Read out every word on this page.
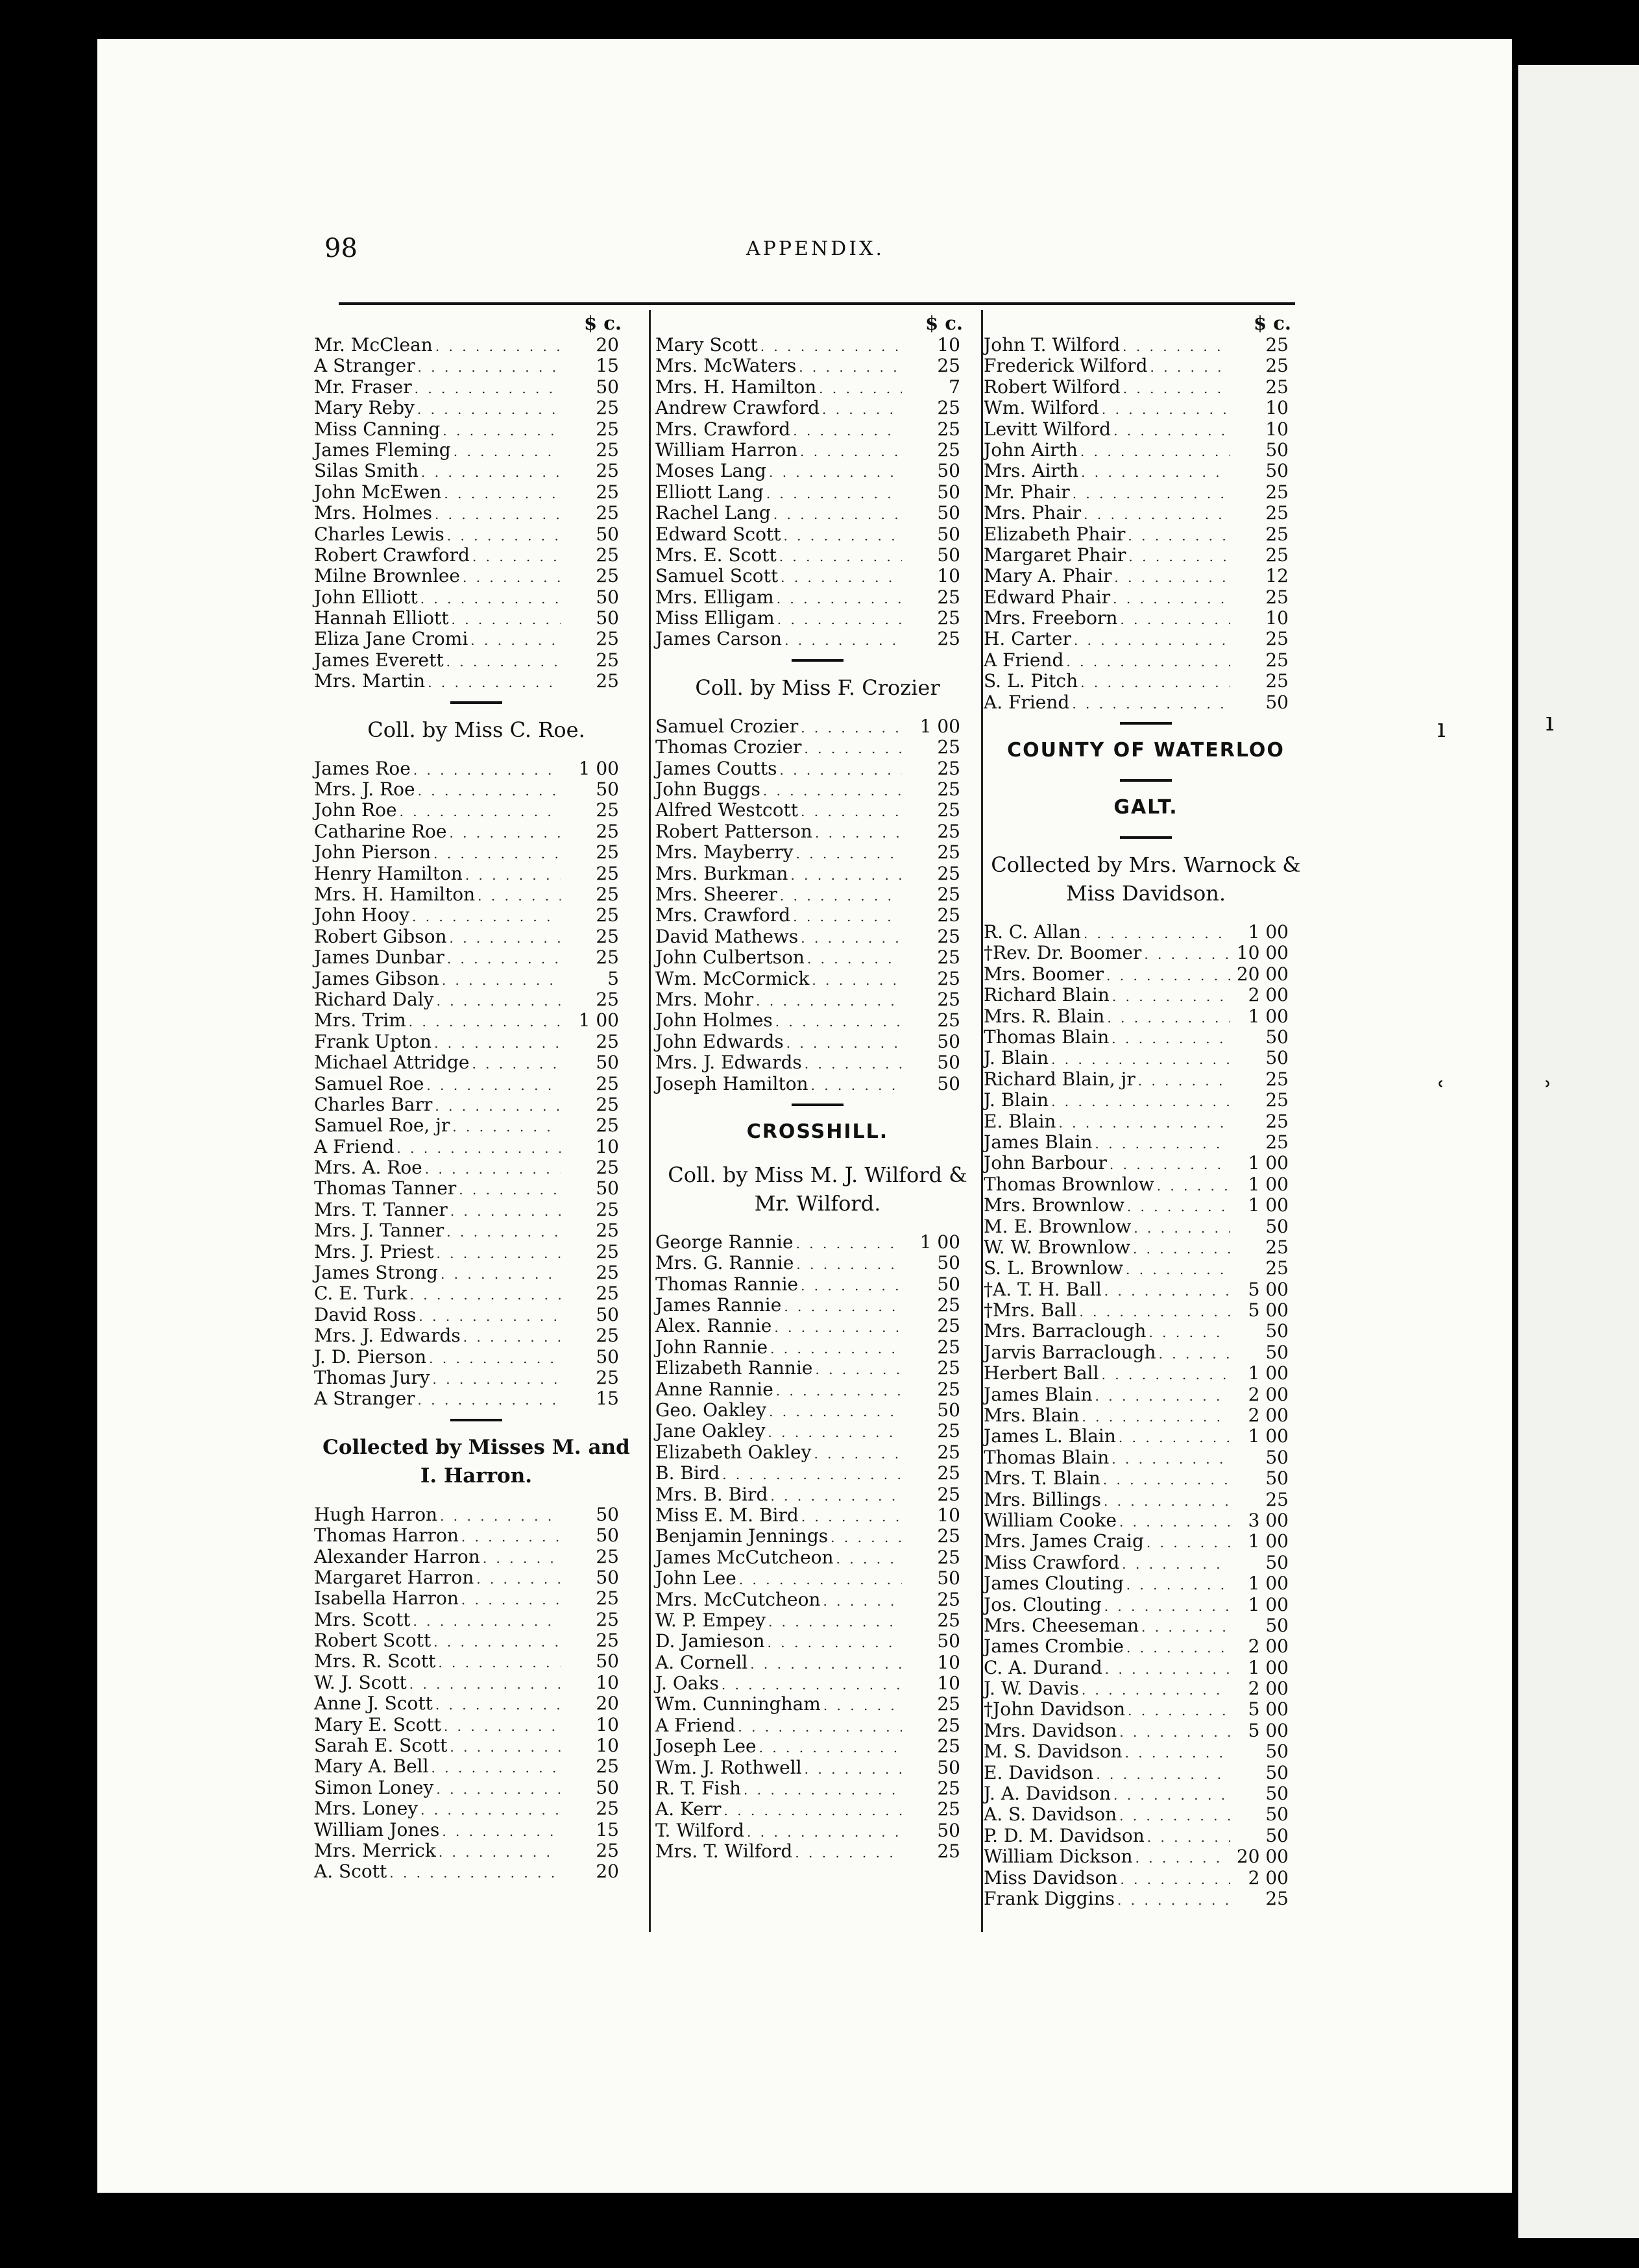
98	APPENDIX.
$ c.
Mr. McClean . . .	20
A Stranger . . .	15
Mr. Fraser . . .	50
Mary Reby . . .	25
Miss Canning . . .	25
James Fleming . . .	25
Silas Smith . . .	25
John McEwen . . .	25
Mrs. Holmes . . .	25
Charles Lewis . . .	50
Robert Crawford . . .	25
Milne Brownlee . . .	25
John Elliott . . .	50
Hannah Elliott . . .	50
Eliza Jane Cromi . . .	25
James Everett . . .	25
Mrs. Martin . . .	25
Coll. by Miss C. Roe.
James Roe . . .	1 00
Mrs. J. Roe . . .	50
John Roe . . .	25
Catharine Roe . . .	25
John Pierson . . .	25
Henry Hamilton . . .	25
Mrs. H. Hamilton . . .	25
John Hooy . . .	25
Robert Gibson . . .	25
James Dunbar . . .	25
James Gibson . . .	5
Richard Daly . . .	25
Mrs. Trim . . .	1 00
Frank Upton . . .	25
Michael Attridge . . .	50
Samuel Roe . . .	25
Charles Barr . . .	25
Samuel Roe, jr . . .	25
A Friend . . .	10
Mrs. A. Roe . . .	25
Thomas Tanner . . .	50
Mrs. T. Tanner . . .	25
Mrs. J. Tanner . . .	25
Mrs. J. Priest . . .	25
James Strong . . .	25
C. E. Turk . . .	25
David Ross . . .	50
Mrs. J. Edwards . . .	25
J. D. Pierson . . .	50
Thomas Jury . . .	25
A Stranger . . .	15
Collected by Misses M. and I. Harron.
Hugh Harron . . .	50
Thomas Harron . . .	50
Alexander Harron . . .	25
Margaret Harron . . .	50
Isabella Harron . . .	25
Mrs. Scott . . .	25
Robert Scott . . .	25
Mrs. R. Scott . . .	50
W. J. Scott . . .	10
Anne J. Scott . . .	20
Mary E. Scott . . .	10
Sarah E. Scott . . .	10
Mary A. Bell . . .	25
Simon Loney . . .	50
Mrs. Loney . . .	25
William Jones . . .	15
Mrs. Merrick . . .	25
A. Scott . . .	20
$ c.
Mary Scott . . .	10
Mrs. McWaters . . .	25
Mrs. H. Hamilton . . .	7
Andrew Crawford . . .	25
Mrs. Crawford . . .	25
William Harron . . .	25
Moses Lang . . .	50
Elliott Lang . . .	50
Rachel Lang . . .	50
Edward Scott . . .	50
Mrs. E. Scott . . .	50
Samuel Scott . . .	10
Mrs. Elligam . . .	25
Miss Elligam . . .	25
James Carson . . .	25
Coll. by Miss F. Crozier
Samuel Crozier . . .	1 00
Thomas Crozier . . .	25
James Coutts . . .	25
John Buggs . . .	25
Alfred Westcott . . .	25
Robert Patterson . . .	25
Mrs. Mayberry . . .	25
Mrs. Burkman . . .	25
Mrs. Sheerer . . .	25
Mrs. Crawford . . .	25
David Mathews . . .	25
John Culbertson . . .	25
Wm. McCormick . . .	25
Mrs. Mohr . . .	25
John Holmes . . .	25
John Edwards . . .	50
Mrs. J. Edwards . . .	50
Joseph Hamilton . . .	50
CROSSHILL.
Coll. by Miss M. J. Wilford & Mr. Wilford.
George Rannie . . .	1 00
Mrs. G. Rannie . . .	50
Thomas Rannie . . .	50
James Rannie . . .	25
Alex. Rannie . . .	25
John Rannie . . .	25
Elizabeth Rannie . . .	25
Anne Rannie . . .	25
Geo. Oakley . . .	50
Jane Oakley . . .	25
Elizabeth Oakley . . .	25
B. Bird . . .	25
Mrs. B. Bird . . .	25
Miss E. M. Bird . . .	10
Benjamin Jennings . . .	25
James McCutcheon . . .	25
John Lee . . .	50
Mrs. McCutcheon . . .	25
W. P. Empey . . .	25
D. Jamieson . . .	50
A. Cornell . . .	10
J. Oaks . . .	10
Wm. Cunningham . . .	25
A Friend . . .	25
Joseph Lee . . .	25
Wm. J. Rothwell . . .	50
R. T. Fish . . .	25
A. Kerr . . .	25
T. Wilford . . .	50
Mrs. T. Wilford . . .	25
$ c.
John T. Wilford . . .	25
Frederick Wilford . . .	25
Robert Wilford . . .	25
Wm. Wilford . . .	10
Levitt Wilford . . .	10
John Airth . . .	50
Mrs. Airth . . .	50
Mr. Phair . . .	25
Mrs. Phair . . .	25
Elizabeth Phair . . .	25
Margaret Phair . . .	25
Mary A. Phair . . .	12
Edward Phair . . .	25
Mrs. Freeborn . . .	10
H. Carter . . .	25
A Friend . . .	25
S. L. Pitch . . .	25
A. Friend . . .	50
COUNTY OF WATERLOO
GALT.
Collected by Mrs. Warnock & Miss Davidson.
R. C. Allan . . .	1 00
†Rev. Dr. Boomer . . .	10 00
Mrs. Boomer . . .	20 00
Richard Blain . . .	2 00
Mrs. R. Blain . . .	1 00
Thomas Blain . . .	50
J. Blain . . .	50
Richard Blain, jr . . .	25
J. Blain . . .	25
E. Blain . . .	25
James Blain . . .	25
John Barbour . . .	1 00
Thomas Brownlow . . .	1 00
Mrs. Brownlow . . .	1 00
M. E. Brownlow . . .	50
W. W. Brownlow . . .	25
S. L. Brownlow . . .	25
†A. T. H. Ball . . .	5 00
†Mrs. Ball . . .	5 00
Mrs. Barraclough . . .	50
Jarvis Barraclough . . .	50
Herbert Ball . . .	1 00
James Blain . . .	2 00
Mrs. Blain . . .	2 00
James L. Blain . . .	1 00
Thomas Blain . . .	50
Mrs. T. Blain . . .	50
Mrs. Billings . . .	25
William Cooke . . .	3 00
Mrs. James Craig . . .	1 00
Miss Crawford . . .	50
James Clouting . . .	1 00
Jos. Clouting . . .	1 00
Mrs. Cheeseman . . .	50
James Crombie . . .	2 00
C. A. Durand . . .	1 00
J. W. Davis . . .	2 00
†John Davidson . . .	5 00
Mrs. Davidson . . .	5 00
M. S. Davidson . . .	50
E. Davidson . . .	50
J. A. Davidson . . .	50
A. S. Davidson . . .	50
P. D. M. Davidson . . .	50
William Dickson . . .	20 00
Miss Davidson . . .	2 00
Frank Diggins . . .	25
ı	ı
ʿ	ʾ
